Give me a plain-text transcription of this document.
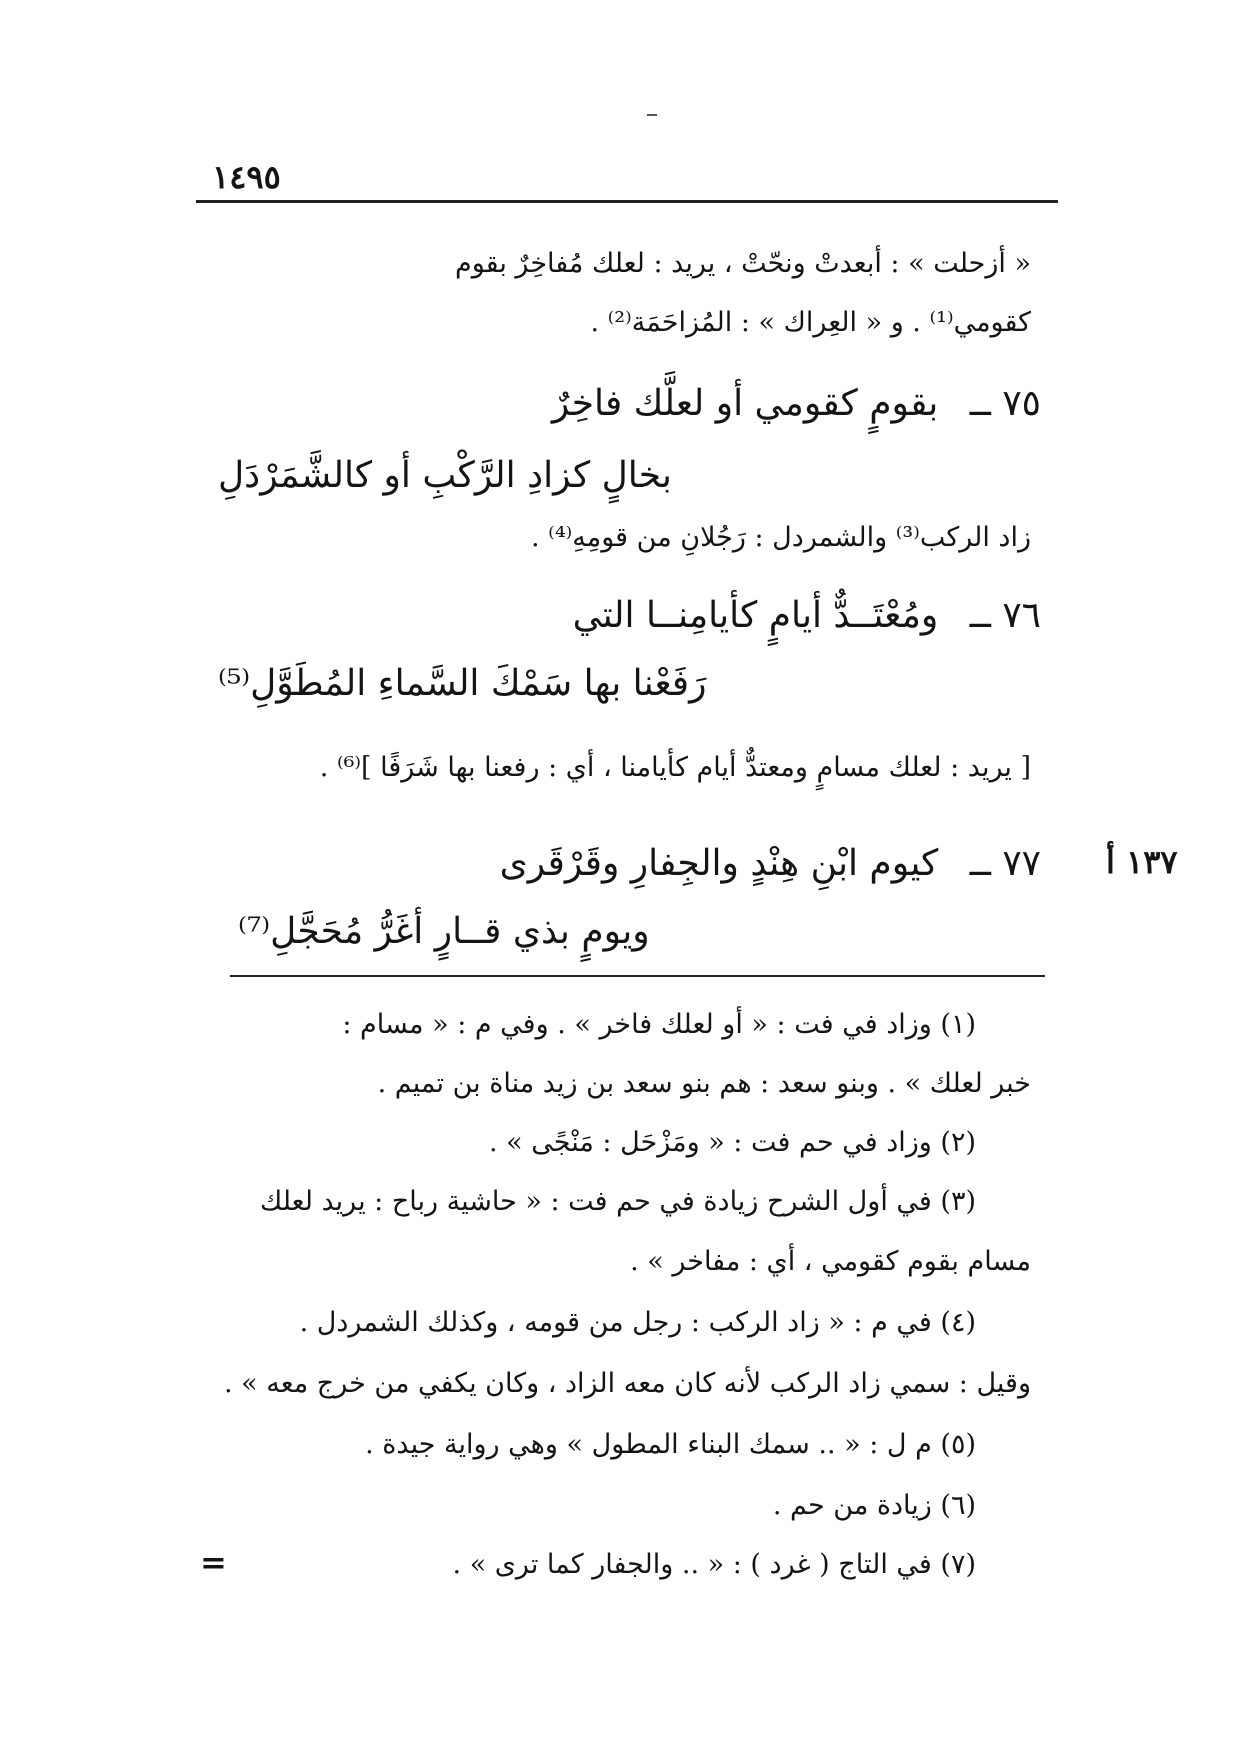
١٤٩٥
« أزحلت » : أبعدتْ ونحّتْ ، يريد : لعلك مُفاخِرٌ بقوم
كقومي⁽¹⁾ . و « العِراك » : المُزاحَمَة⁽²⁾ .
٧٥ ــ بقومٍ كقومي أو لعلَّك فاخِرٌ
بخالٍ كزادِ الرَّكْبِ أو كالشَّمَرْدَلِ
زاد الركب⁽³⁾ والشمردل : رَجُلانِ من قومِهِ⁽⁴⁾ .
٧٦ ــ ومُعْتَــدٌّ أيامٍ كأيامِنــا التي
رَفَعْنا بها سَمْكَ السَّماءِ المُطَوَّلِ⁽⁵⁾
[ يريد : لعلك مسامٍ ومعتدٌّ أيام كأيامنا ، أي : رفعنا بها شَرَفًا ]⁽⁶⁾ .
١٣٧ أ
٧٧ ــ كيوم ابْنِ هِنْدٍ والجِفارِ وقَرْقَرى
ويومٍ بذي قــارٍ أغَرُّ مُحَجَّلِ⁽⁷⁾
(١) وزاد في فت : « أو لعلك فاخر » . وفي م : « مسام :
خبر لعلك » . وبنو سعد : هم بنو سعد بن زيد مناة بن تميم .
(٢) وزاد في حم فت : « ومَزْحَل : مَنْجًى » .
(٣) في أول الشرح زيادة في حم فت : « حاشية رباح : يريد لعلك
مسام بقوم كقومي ، أي : مفاخر » .
(٤) في م : « زاد الركب : رجل من قومه ، وكذلك الشمردل .
وقيل : سمي زاد الركب لأنه كان معه الزاد ، وكان يكفي من خرج معه » .
(٥) م ل : « .. سمك البناء المطول » وهي رواية جيدة .
(٦) زيادة من حم .
(٧) في التاج ( غرد ) : « .. والجفار كما ترى » .
=
